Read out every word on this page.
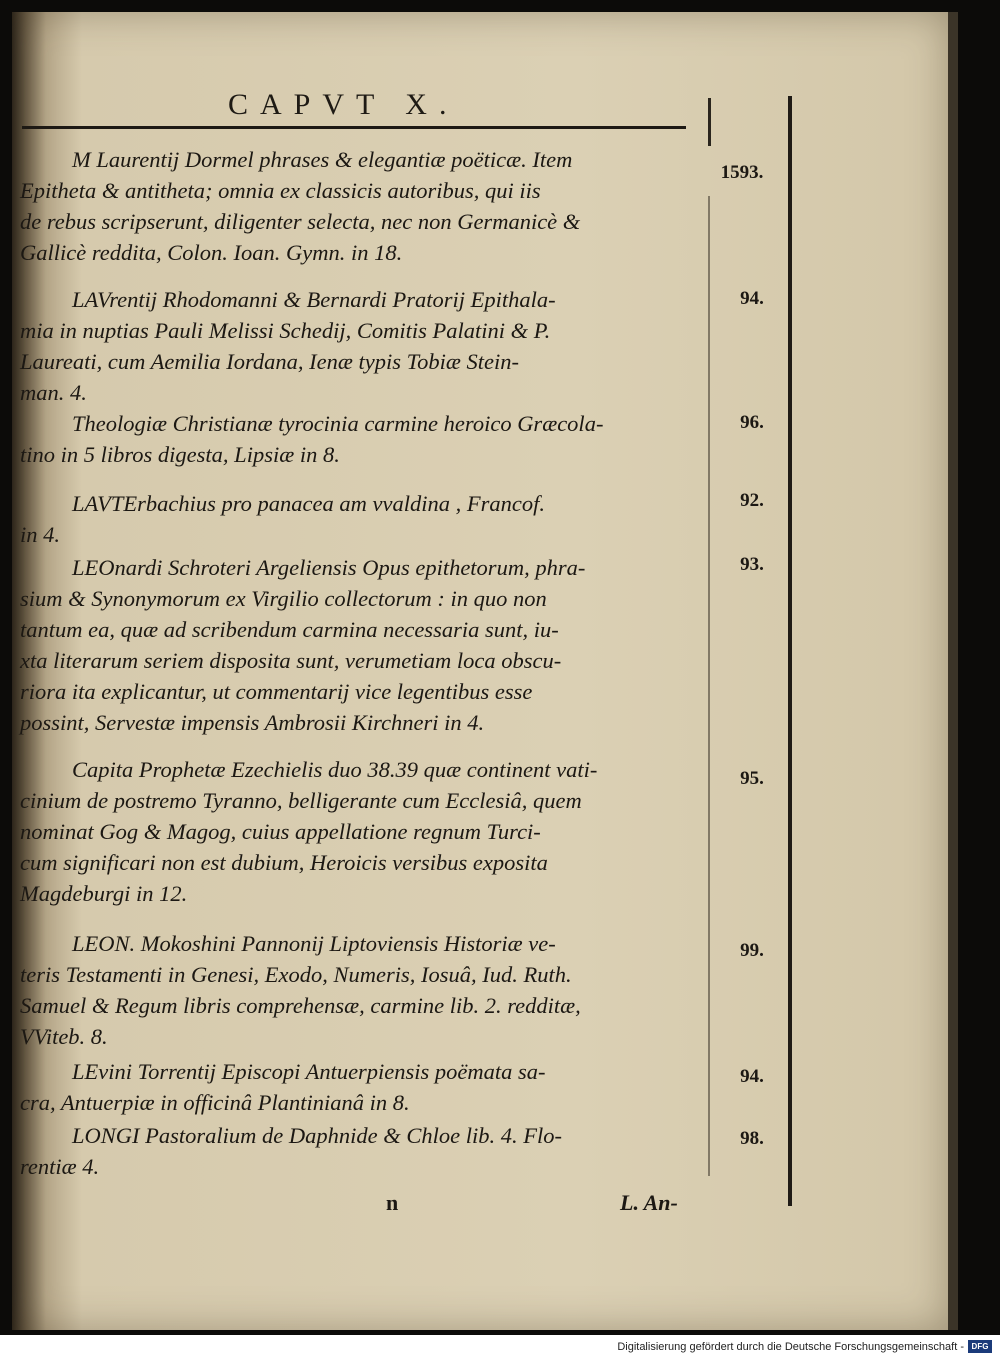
CAPVT X.
M Laurentij Dormel phrases & elegantiæ poëticæ. Item
Epitheta & antitheta; omnia ex classicis autoribus, qui iis
de rebus scripserunt, diligenter selecta, nec non Germanicè &
Gallicè reddita, Colon. Ioan. Gymn. in 18.
1593.
LAVrentij Rhodomanni & Bernardi Pratorij Epithala-
mia in nuptias Pauli Melissi Schedij, Comitis Palatini & P.
Laureati, cum Aemilia Iordana, Ienæ typis Tobiæ Stein-
man. 4.
94.
Theologiæ Christianæ tyrocinia carmine heroico Græcola-
tino in 5 libros digesta, Lipsiæ in 8.
96.
LAVTErbachius pro panacea am vvaldina , Francof.
in 4.
92.
LEOnardi Schroteri Argeliensis Opus epithetorum, phra-
sium & Synonymorum ex Virgilio collectorum : in quo non
tantum ea, quæ ad scribendum carmina necessaria sunt, iu-
xta literarum seriem disposita sunt, verumetiam loca obscu-
riora ita explicantur, ut commentarij vice legentibus esse
possint, Servestæ impensis Ambrosii Kirchneri in 4.
93.
Capita Prophetæ Ezechielis duo 38.39 quæ continent vati-
cinium de postremo Tyranno, belligerante cum Ecclesiâ, quem
nominat Gog & Magog, cuius appellatione regnum Turci-
cum significari non est dubium, Heroicis versibus exposita
Magdeburgi in 12.
95.
LEON. Mokoshini Pannonij Liptoviensis Historiæ ve-
teris Testamenti in Genesi, Exodo, Numeris, Iosuâ, Iud. Ruth.
Samuel & Regum libris comprehensæ, carmine lib. 2. redditæ,
VViteb. 8.
99.
LEvini Torrentij Episcopi Antuerpiensis poëmata sa-
cra, Antuerpiæ in officinâ Plantinianâ in 8.
94.
LONGI Pastoralium de Daphnide & Chloe lib. 4. Flo-
rentiæ 4.
98.
n	L. An-
Digitalisierung gefördert durch die Deutsche Forschungsgemeinschaft - DFG
